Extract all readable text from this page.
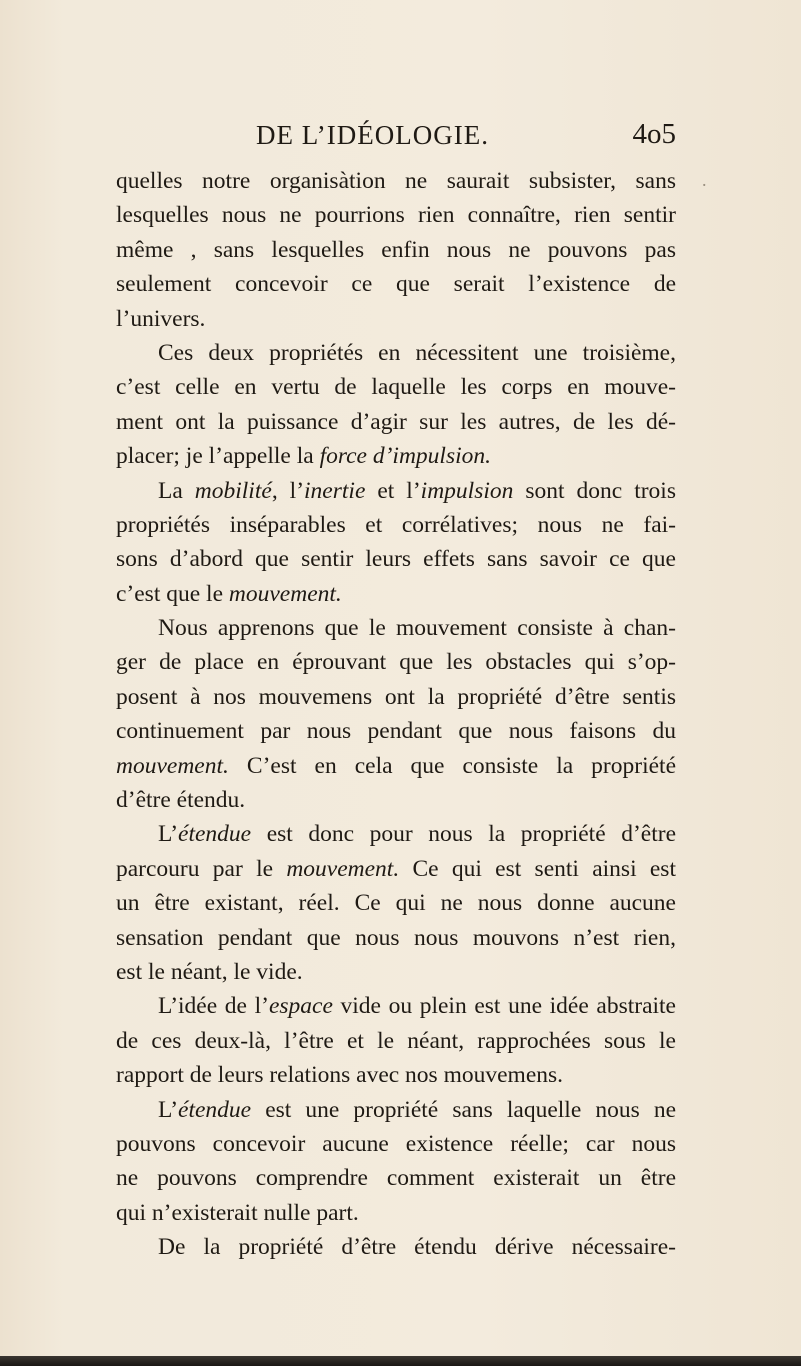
DE L’IDÉOLOGIE.	4o5
quelles notre organisàtion ne saurait subsister, sans
lesquelles nous ne pourrions rien connaître, rien sentir
même , sans lesquelles enfin nous ne pouvons pas
seulement concevoir ce que serait l’existence de
l’univers.
Ces deux propriétés en nécessitent une troisième,
c’est celle en vertu de laquelle les corps en mouve-
ment ont la puissance d’agir sur les autres, de les dé-
placer; je l’appelle la force d’impulsion.
La mobilité, l’inertie et l’impulsion sont donc trois
propriétés inséparables et corrélatives; nous ne fai-
sons d’abord que sentir leurs effets sans savoir ce que
c’est que le mouvement.
Nous apprenons que le mouvement consiste à chan-
ger de place en éprouvant que les obstacles qui s’op-
posent à nos mouvemens ont la propriété d’être sentis
continuement par nous pendant que nous faisons du
mouvement. C’est en cela que consiste la propriété
d’être étendu.
L’étendue est donc pour nous la propriété d’être
parcouru par le mouvement. Ce qui est senti ainsi est
un être existant, réel. Ce qui ne nous donne aucune
sensation pendant que nous nous mouvons n’est rien,
est le néant, le vide.
L’idée de l’espace vide ou plein est une idée abstraite
de ces deux-là, l’être et le néant, rapprochées sous le
rapport de leurs relations avec nos mouvemens.
L’étendue est une propriété sans laquelle nous ne
pouvons concevoir aucune existence réelle; car nous
ne pouvons comprendre comment existerait un être
qui n’existerait nulle part.
De la propriété d’être étendu dérive nécessaire-
.
